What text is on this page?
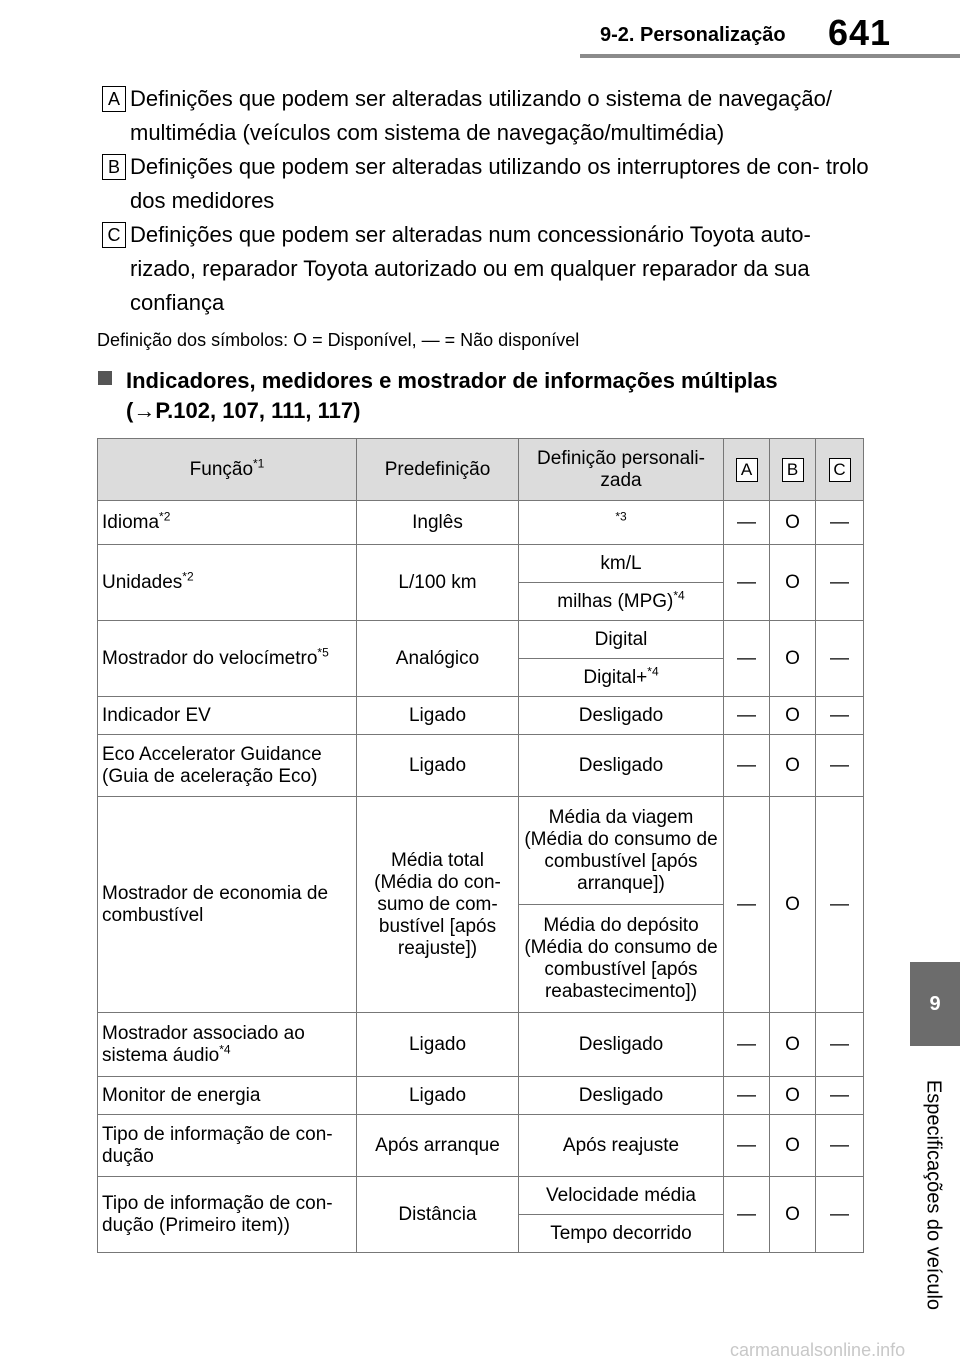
9-2. Personalização 641
9
Especificações do veículo
A Definições que podem ser alteradas utilizando o sistema de navegação/ multimédia (veículos com sistema de navegação/multimédia)
B Definições que podem ser alteradas utilizando os interruptores de con- trolo dos medidores
C Definições que podem ser alteradas num concessionário Toyota auto- rizado, reparador Toyota autorizado ou em qualquer reparador da sua confiança
Definição dos símbolos: O = Disponível, — = Não disponível
Indicadores, medidores e mostrador de informações múltiplas
(→P.102, 107, 111, 117)
Função$^{*1}$	Predefinição	Definição personali- zada	A	B	C
Idioma$^{*2}$	Inglês	$^{*3}$	—	O	—
Unidades$^{*2}$	L/100 km	km/L	—	O	—
		milhas (MPG)$^{*4}$
Mostrador do velocímetro$^{*5}$	Analógico	Digital	—	O	—
		Digital+$^{*4}$
Indicador EV	Ligado	Desligado	—	O	—
Eco Accelerator Guidance (Guia de aceleração Eco)	Ligado	Desligado	—	O	—
Mostrador de economia de combustível	Média total (Média do con- sumo de com- bustível [após reajuste])	Média da viagem (Média do consumo de combustível [após arranque])	—	O	—
		Média do depósito (Média do consumo de combustível [após reabastecimento])			
Mostrador associado ao sistema áudio$^{*4}$	Ligado	Desligado	—	O	—
Monitor de energia	Ligado	Desligado	—	O	—
Tipo de informação de con- dução	Após arranque	Após reajuste	—	O	—
Tipo de informação de con- dução (Primeiro item))	Distância	Velocidade média	—	O	—
		Tempo decorrido			
carmanualsonline.info
